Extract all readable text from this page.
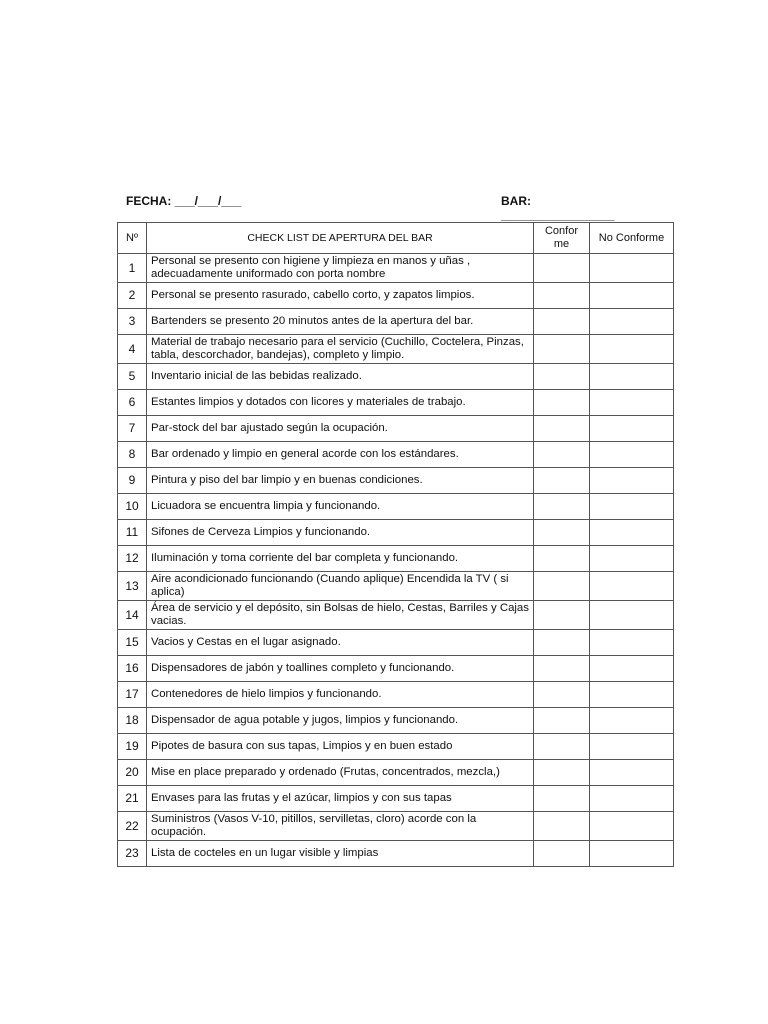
FECHA: ___/___/___	BAR: _________________
Nº	CHECK LIST DE APERTURA DEL BAR	Confor me	No Conforme
1	Personal se presento con higiene y limpieza en manos y uñas , adecuadamente uniformado con porta nombre		
2	Personal se presento rasurado, cabello corto, y zapatos limpios.		
3	Bartenders se presento 20 minutos antes de la apertura del bar.		
4	Material de trabajo necesario para el servicio (Cuchillo, Coctelera, Pinzas, tabla, descorchador, bandejas), completo y limpio.		
5	Inventario inicial de las bebidas realizado.		
6	Estantes limpios y dotados con licores y materiales de trabajo.		
7	Par-stock del bar ajustado según la ocupación.		
8	Bar ordenado y limpio en general acorde con los estándares.		
9	Pintura y piso del bar limpio y en buenas condiciones.		
10	Licuadora se encuentra limpia y funcionando.		
11	Sifones de Cerveza Limpios y funcionando.		
12	Iluminación y toma corriente del bar completa y funcionando.		
13	Aire acondicionado funcionando (Cuando aplique) Encendida la TV ( si aplica)		
14	Área de servicio y el depósito, sin Bolsas de hielo, Cestas, Barriles y Cajas vacias.		
15	Vacios y Cestas en el lugar asignado.		
16	Dispensadores de jabón y toallines completo y funcionando.		
17	Contenedores de hielo limpios y funcionando.		
18	Dispensador de agua potable y jugos, limpios y funcionando.		
19	Pipotes de basura con sus tapas, Limpios y en buen estado		
20	Mise en place preparado y ordenado (Frutas, concentrados, mezcla,)		
21	Envases para las frutas y el azúcar, limpios y con sus tapas		
22	Suministros (Vasos V-10, pitillos, servilletas, cloro) acorde con la ocupación.		
23	Lista de cocteles en un lugar visible y limpias		
